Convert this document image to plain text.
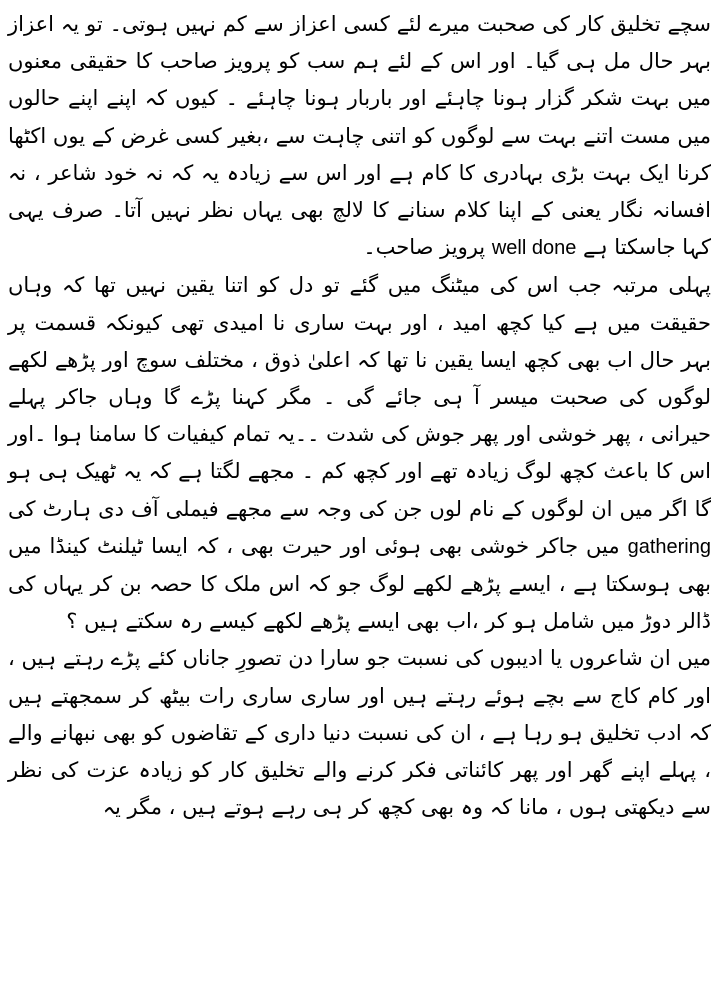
سچے تخلیق کار کی صحبت میرے لئے کسی اعزاز سے کم نہیں ہوتی۔ تو یہ اعزاز بہر حال مل ہی گیا۔ اور اس کے لئے ہم سب کو پرویز صاحب کا حقیقی معنوں میں بہت شکر گزار ہونا چاہئے اور باربار ہونا چاہئے ۔ کیوں کہ اپنے اپنے حالوں میں مست اتنے بہت سے لوگوں کو اتنی چاہت سے ،بغیر کسی غرض کے یوں اکٹھا کرنا ایک بہت بڑی بہادری کا کام ہے اور اس سے زیادہ یہ کہ نہ خود شاعر ، نہ افسانہ نگار یعنی کے اپنا کلام سنانے کا لالچ بھی یہاں نظر نہیں آتا۔ صرف یہی کہا جاسکتا ہے well done پرویز صاحب۔

پہلی مرتبہ جب اس کی میٹنگ میں گئے تو دل کو اتنا یقین نہیں تھا کہ وہاں حقیقت میں ہے کیا کچھ امید ، اور بہت ساری نا امیدی تھی کیونکہ قسمت پر بہر حال اب بھی کچھ ایسا یقین نا تھا کہ اعلیٰ ذوق ، مختلف سوچ اور پڑھے لکھے لوگوں کی صحبت میسر آ ہی جائے گی ۔ مگر کہنا پڑے گا وہاں جاکر پہلے حیرانی ، پھر خوشی اور پھر جوش کی شدت ۔۔یہ تمام کیفیات کا سامنا ہوا ۔اور اس کا باعث کچھ لوگ زیادہ تھے اور کچھ کم ۔ مجھے لگتا ہے کہ یہ ٹھیک ہی ہو گا اگر میں ان لوگوں کے نام لوں جن کی وجہ سے مجھے فیملی آف دی ہارٹ کی gathering میں جاکر خوشی بھی ہوئی اور حیرت بھی ، کہ ایسا ٹیلنٹ کینڈا میں بھی ہوسکتا ہے ، ایسے پڑھے لکھے لوگ جو کہ اس ملک کا حصہ بن کر یہاں کی ڈالر دوڑ میں شامل ہو کر ،اب بھی ایسے پڑھے لکھے کیسے رہ سکتے ہیں ؟

میں ان شاعروں یا ادیبوں کی نسبت جو سارا دن تصورِ جاناں کئے پڑے رہتے ہیں ، اور کام کاج سے بچے ہوئے رہتے ہیں اور ساری ساری رات بیٹھ کر سمجھتے ہیں کہ ادب تخلیق ہو رہا ہے ، ان کی نسبت دنیا داری کے تقاضوں کو بھی نبھانے والے ، پہلے اپنے گھر اور پھر کائناتی فکر کرنے والے تخلیق کار کو زیادہ عزت کی نظر سے دیکھتی ہوں ، مانا کہ وہ بھی کچھ کر ہی رہے ہوتے ہیں ، مگر یہ
